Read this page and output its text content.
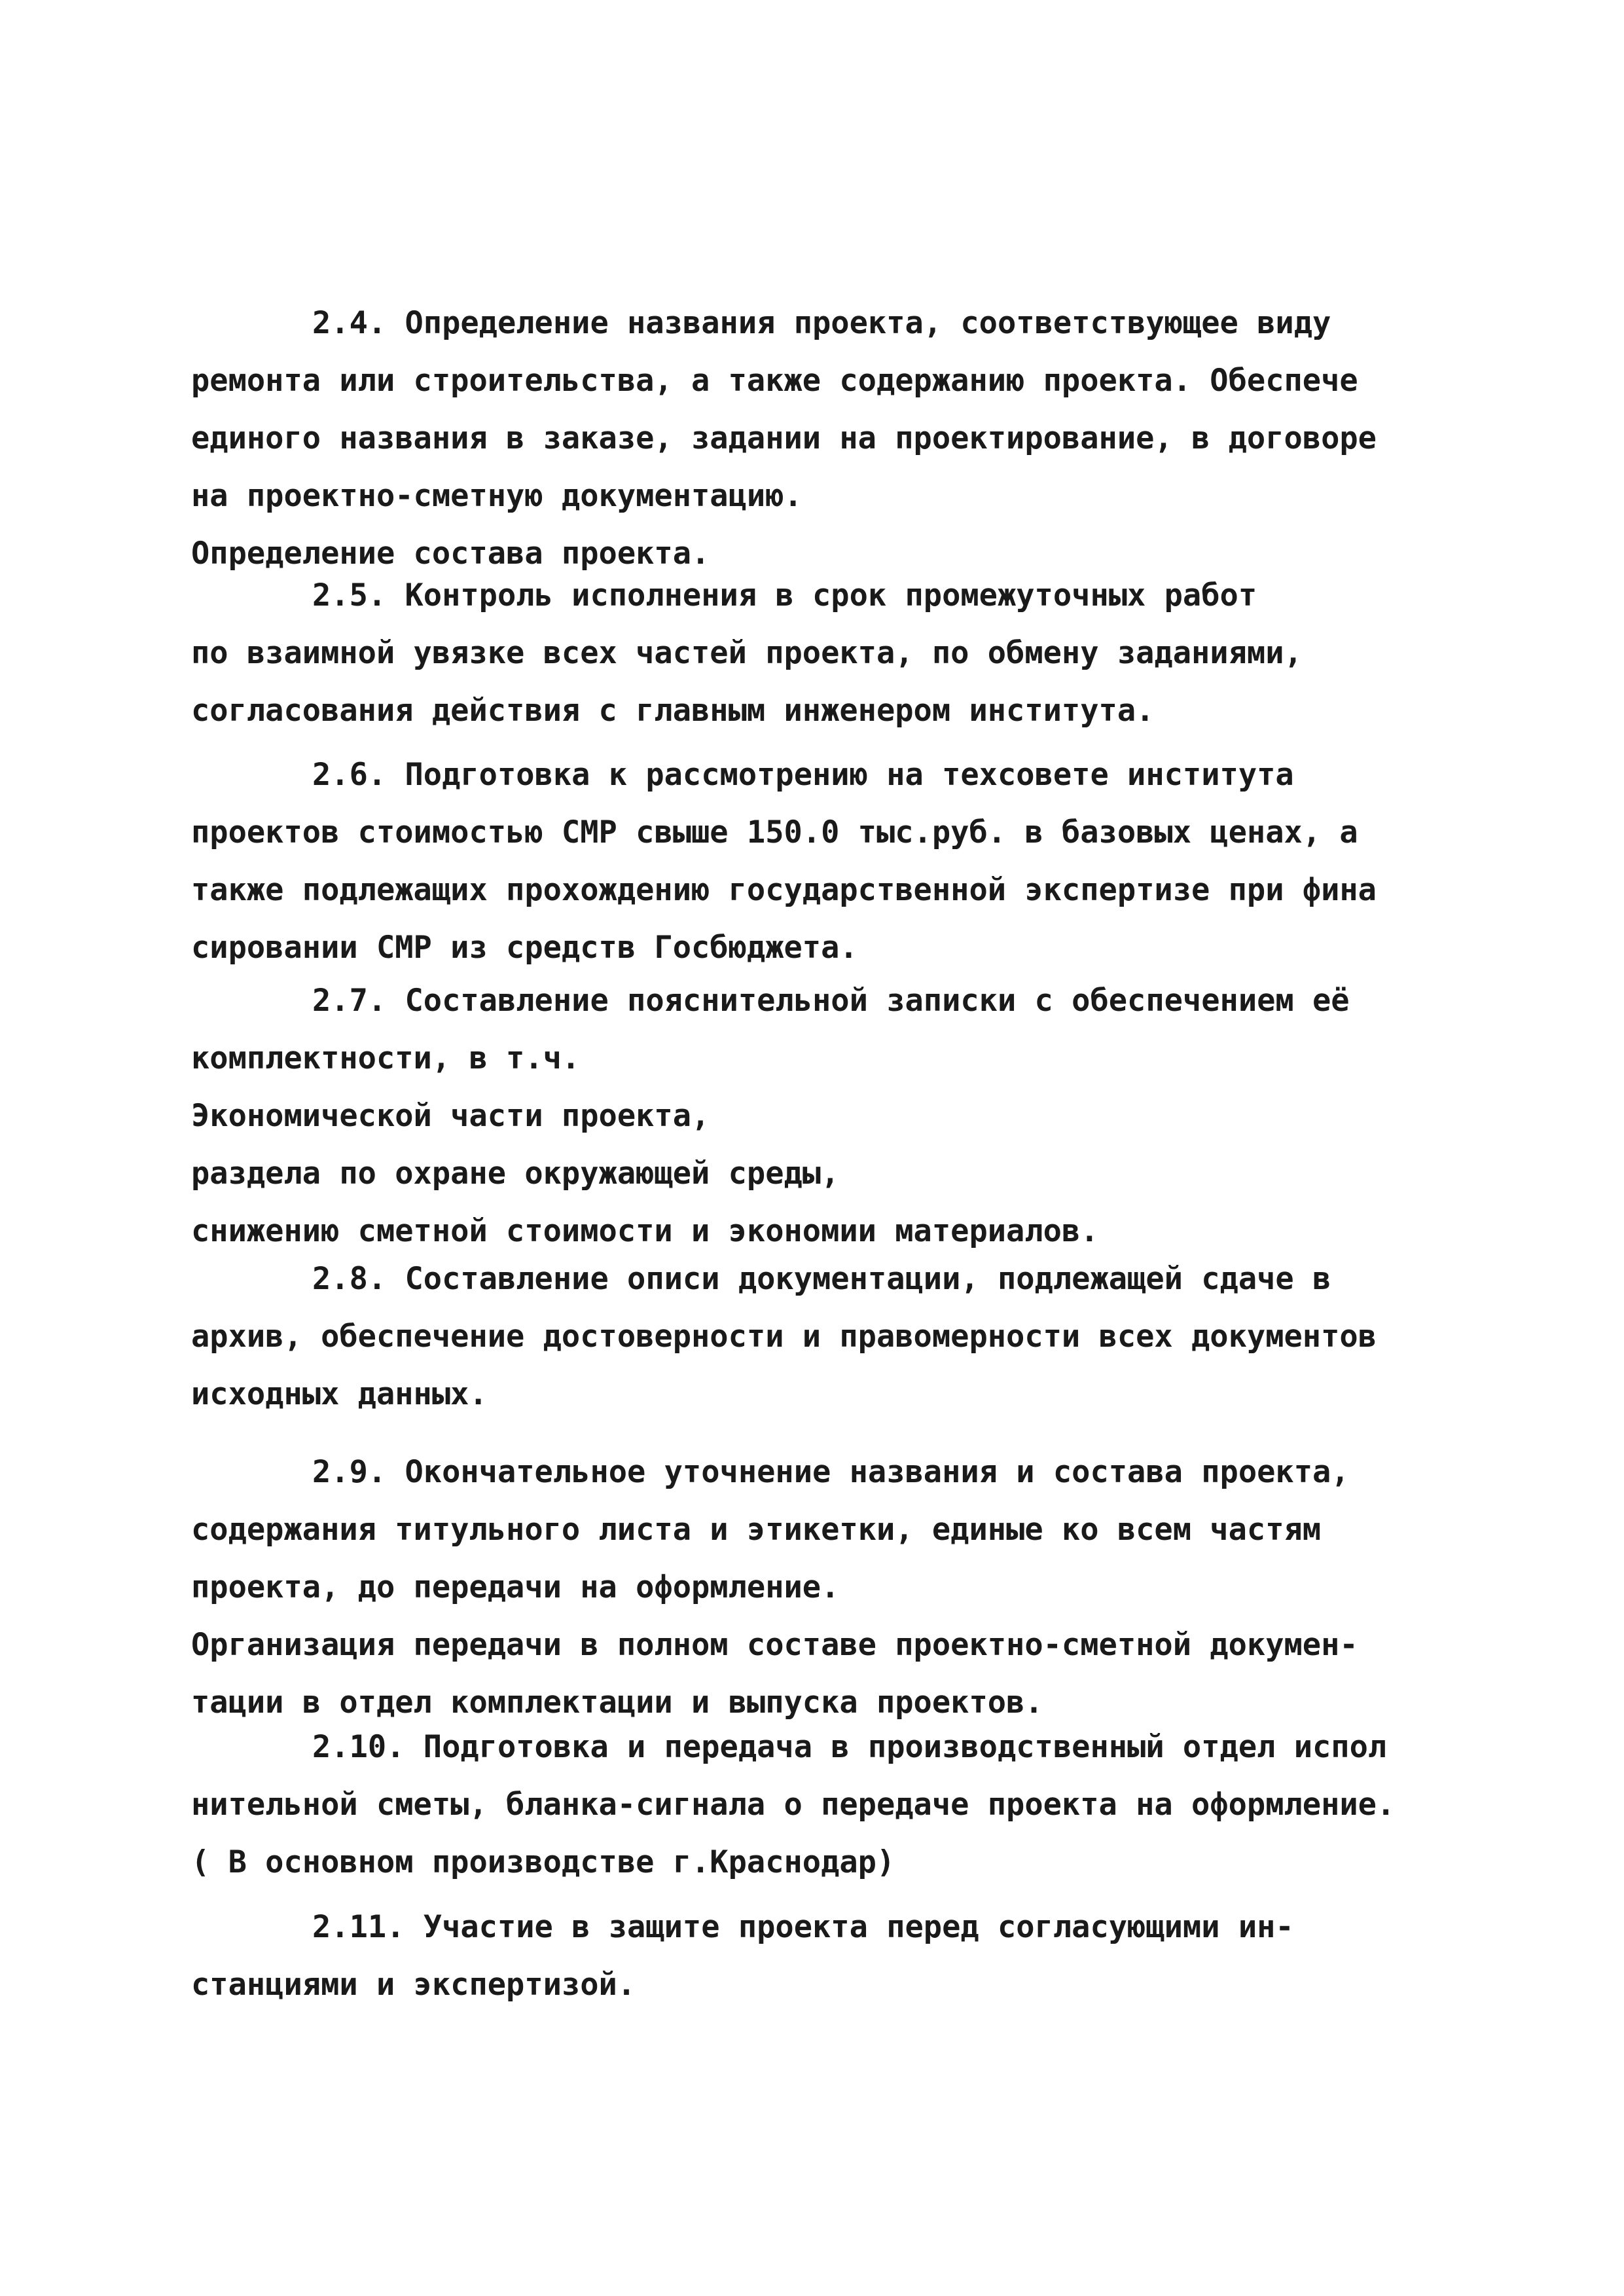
2.4. Определение названия проекта, соответствующее виду
ремонта или строительства, а также содержанию проекта. Обеспече
единого названия в заказе, задании на проектирование, в договоре
на проектно-сметную документацию.
Определение состава проекта.
2.5. Контроль исполнения в срок промежуточных работ
по взаимной увязке всех частей проекта, по обмену заданиями,
согласования действия с главным инженером института.
2.6. Подготовка к рассмотрению на техсовете института
проектов стоимостью СМР свыше 150.0 тыс.руб. в базовых ценах, а
также подлежащих прохождению государственной экспертизе при фина
сировании СМР из средств Госбюджета.
2.7. Составление пояснительной записки с обеспечением её
комплектности, в т.ч.
Экономической части проекта,
раздела по охране окружающей среды,
снижению сметной стоимости и экономии материалов.
2.8. Составление описи документации, подлежащей сдаче в
архив, обеспечение достоверности и правомерности всех документов
исходных данных.
2.9. Окончательное уточнение названия и состава проекта,
содержания титульного листа и этикетки, единые ко всем частям
проекта, до передачи на оформление.
Организация передачи в полном составе проектно-сметной докумен-
тации в отдел комплектации и выпуска проектов.
2.10. Подготовка и передача в производственный отдел испол
нительной сметы, бланка-сигнала о передаче проекта на оформление.
( В основном производстве г.Краснодар)
2.11. Участие в защите проекта перед согласующими ин-
станциями и экспертизой.
